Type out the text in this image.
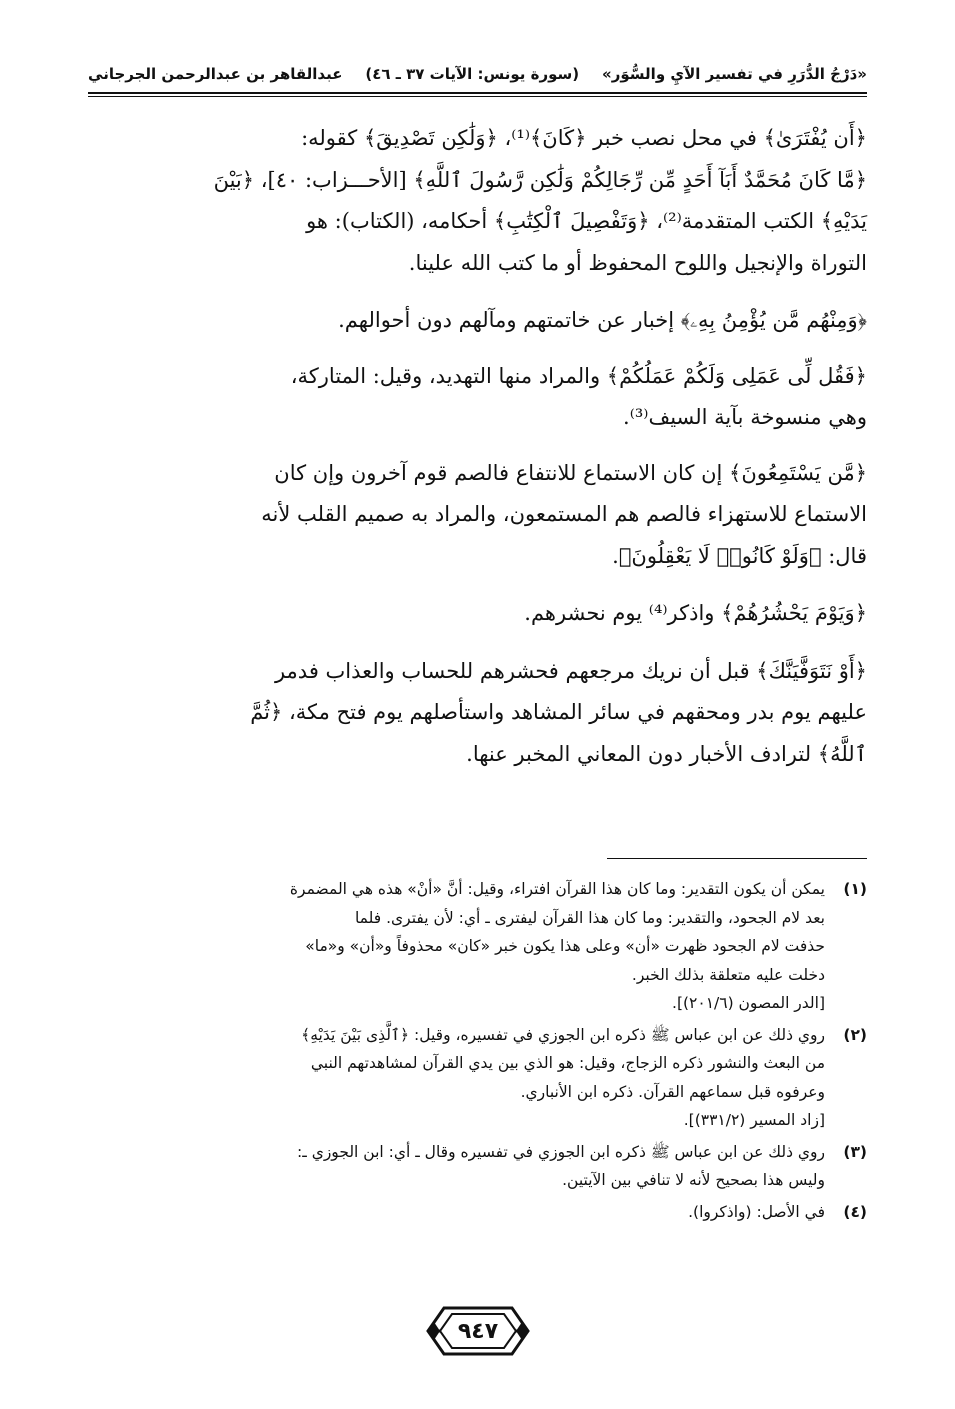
«دَرْجُ الدُّرَرِ في تفسير الآيِ والسُّوَر»
(سورة يونس: الآيات ٣٧ ـ ٤٦)
عبدالقاهر بن عبدالرحمن الجرجاني
﴿أَن يُفْتَرَىٰ﴾ في محل نصب خبر ﴿كَانَ﴾⁽¹⁾، ﴿وَلَٰكِن تَصْدِيقَ﴾ كقوله:
﴿مَّا كَانَ مُحَمَّدٌ أَبَآ أَحَدٍ مِّن رِّجَالِكُمْ وَلَٰكِن رَّسُولَ ٱللَّهِ﴾ [الأحـــزاب: ٤٠]، ﴿بَيْنَ
يَدَيْهِ﴾ الكتب المتقدمة⁽²⁾، ﴿وَتَفْصِيلَ ٱلْكِتَٰبِ﴾ أحكامه، (الكتاب): هو
التوراة والإنجيل واللوح المحفوظ أو ما كتب الله علينا.
﴿وَمِنْهُم مَّن يُؤْمِنُ بِهِۦ﴾ إخبار عن خاتمتهم ومآلهم دون أحوالهم.
﴿فَقُل لِّى عَمَلِى وَلَكُمْ عَمَلُكُمْ﴾ والمراد منها التهديد، وقيل: المتاركة،
وهي منسوخة بآية السيف⁽³⁾.
﴿مَّن يَسْتَمِعُونَ﴾ إن كان الاستماع للانتفاع فالصم قوم آخرون وإن كان
الاستماع للاستهزاء فالصم هم المستمعون، والمراد به صميم القلب لأنه
قال: ﴿وَلَوْ كَانُوا۟ لَا يَعْقِلُونَ﴾.
﴿وَيَوْمَ يَحْشُرُهُمْ﴾ واذكر⁽⁴⁾ يوم نحشرهم.
﴿أَوْ نَتَوَفَّيَنَّكَ﴾ قبل أن نريك مرجعهم فحشرهم للحساب والعذاب فدمر
عليهم يوم بدر ومحقهم في سائر المشاهد واستأصلهم يوم فتح مكة، ﴿ثُمَّ
ٱللَّهُ﴾ لترادف الأخبار دون المعاني المخبر عنها.
(١)
يمكن أن يكون التقدير: وما كان هذا القرآن افتراء، وقيل: أنَّ «أنْ» هذه هي المضمرة
بعد لام الجحود، والتقدير: وما كان هذا القرآن ليفترى ـ أي: لأن يفترى. فلما
حذفت لام الجحود ظهرت «أن» وعلى هذا يكون خبر «كان» محذوفاً و«أن» و«ما»
دخلت عليه متعلقة بذلك الخبر.
[الدر المصون (٢٠١/٦)].
(٢)
روي ذلك عن ابن عباس ﷺ ذكره ابن الجوزي في تفسيره، وقيل: ﴿ٱلَّذِى بَيْنَ يَدَيْهِ﴾
من البعث والنشور ذكره الزجاج، وقيل: هو الذي بين يدي القرآن لمشاهدتهم النبي
وعرفوه قبل سماعهم القرآن. ذكره ابن الأنباري.
[زاد المسير (٣٣١/٢)].
(٣)
روي ذلك عن ابن عباس ﷺ ذكره ابن الجوزي في تفسيره وقال ـ أي: ابن الجوزي ـ:
وليس هذا بصحيح لأنه لا تنافي بين الآيتين.
(٤)
في الأصل: (واذكروا).
٩٤٧
